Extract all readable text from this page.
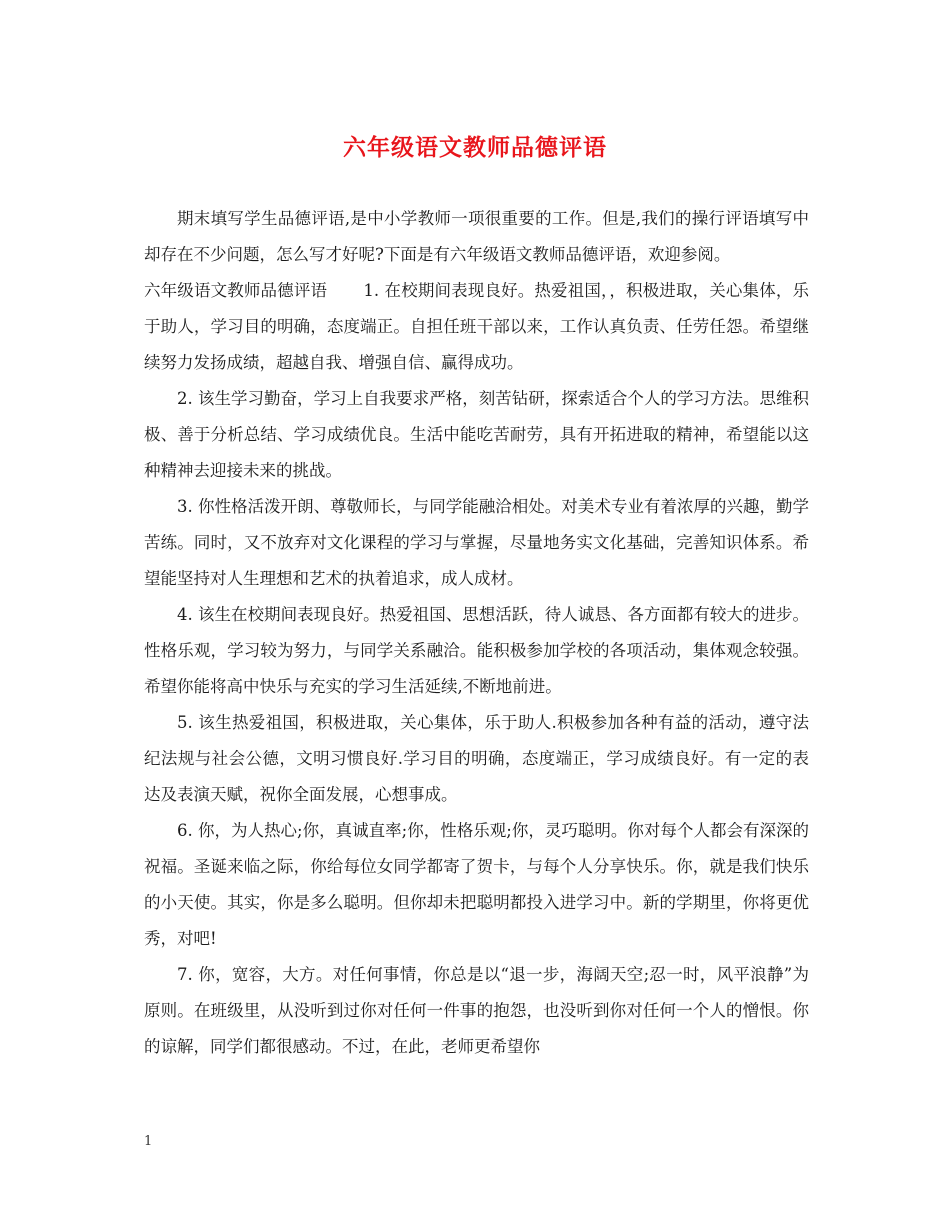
六年级语文教师品德评语

期末填写学生品德评语,是中小学教师一项很重要的工作。但是,我们的操行评语填写中却存在不少问题，怎么写才好呢?下面是有六年级语文教师品德评语，欢迎参阅。

六年级语文教师品德评语 1. 在校期间表现良好。热爱祖国，，积极进取，关心集体，乐于助人，学习目的明确，态度端正。自担任班干部以来，工作认真负责、任劳任怨。希望继续努力发扬成绩，超越自我、增强自信、赢得成功。

2. 该生学习勤奋，学习上自我要求严格，刻苦钻研，探索适合个人的学习方法。思维积极、善于分析总结、学习成绩优良。生活中能吃苦耐劳，具有开拓进取的精神，希望能以这种精神去迎接未来的挑战。

3. 你性格活泼开朗、尊敬师长，与同学能融洽相处。对美术专业有着浓厚的兴趣，勤学苦练。同时，又不放弃对文化课程的学习与掌握，尽量地务实文化基础，完善知识体系。希望能坚持对人生理想和艺术的执着追求，成人成材。

4. 该生在校期间表现良好。热爱祖国、思想活跃，待人诚恳、各方面都有较大的进步。性格乐观，学习较为努力，与同学关系融洽。能积极参加学校的各项活动，集体观念较强。希望你能将高中快乐与充实的学习生活延续,不断地前进。

5. 该生热爱祖国，积极进取，关心集体，乐于助人.积极参加各种有益的活动，遵守法纪法规与社会公德，文明习惯良好.学习目的明确，态度端正，学习成绩良好。有一定的表达及表演天赋，祝你全面发展，心想事成。

6. 你，为人热心;你，真诚直率;你，性格乐观;你，灵巧聪明。你对每个人都会有深深的祝福。圣诞来临之际，你给每位女同学都寄了贺卡，与每个人分享快乐。你，就是我们快乐的小天使。其实，你是多么聪明。但你却未把聪明都投入进学习中。新的学期里，你将更优秀，对吧!

7. 你，宽容，大方。对任何事情，你总是以“退一步，海阔天空;忍一时，风平浪静”为原则。在班级里，从没听到过你对任何一件事的抱怨，也没听到你对任何一个人的憎恨。你的谅解，同学们都很感动。不过，在此，老师更希望你

1
